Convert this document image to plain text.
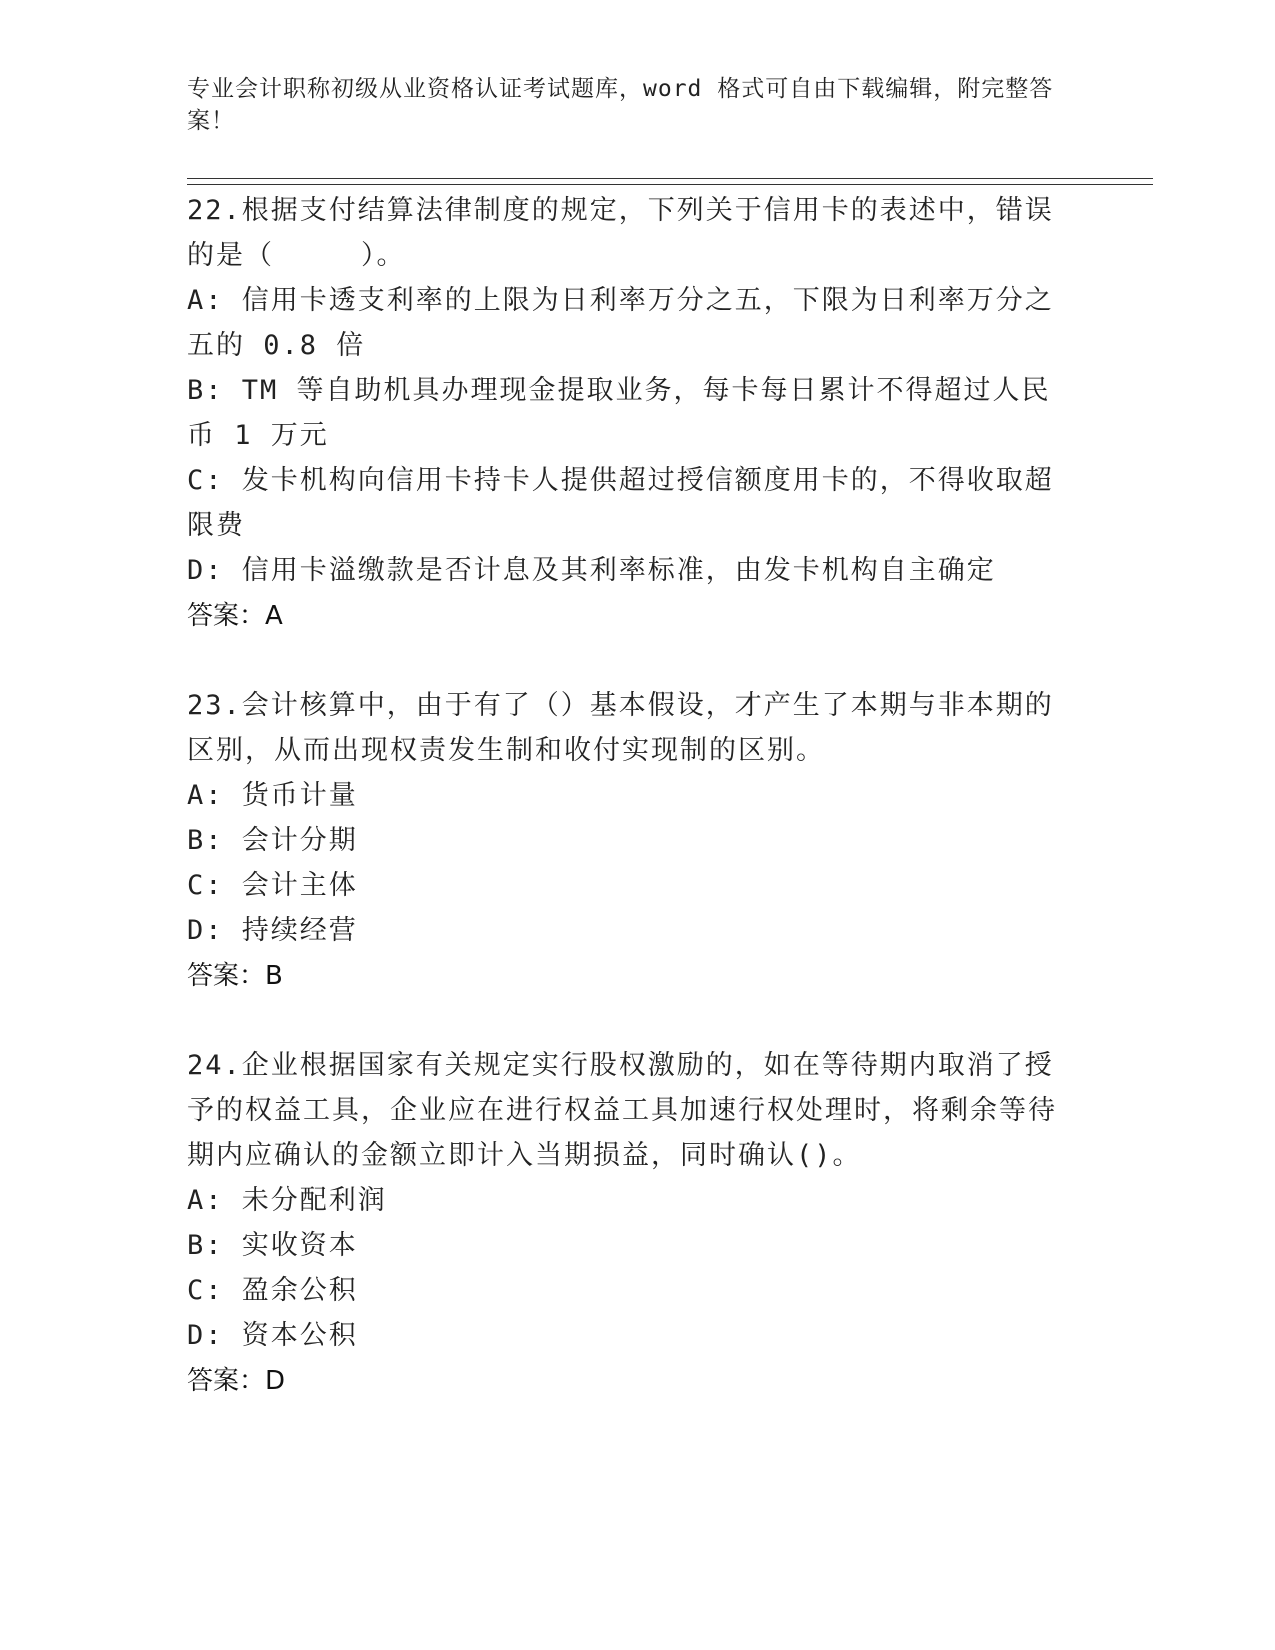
专业会计职称初级从业资格认证考试题库，word 格式可自由下载编辑，附完整答案！

22 . 根据支付结算法律制度的规定，下列关于信用卡的表述中，错误的是（　　　）。

A: 信用卡透支利率的上限为日利率万分之五，下限为日利率万分之五的 0.8 倍

B: TM 等自助机具办理现金提取业务，每卡每日累计不得超过人民币 1 万元

C: 发卡机构向信用卡持卡人提供超过授信额度用卡的，不得收取超限费

D: 信用卡溢缴款是否计息及其利率标准，由发卡机构自主确定

答案 ： A

23 . 会计核算中，由于有了（）基本假设，才产生了本期与非本期的区别，从而出现权责发生制和收付实现制的区别。

A: 货币计量

B: 会计分期

C: 会计主体

D: 持续经营

答案 ： B

24 . 企业根据国家有关规定实行股权激励的，如在等待期内取消了授予的权益工具，企业应在进行权益工具加速行权处理时，将剩余等待期内应确认的金额立即计入当期损益，同时确认()。

A: 未分配利润

B: 实收资本

C: 盈余公积

D: 资本公积

答案 ： D
